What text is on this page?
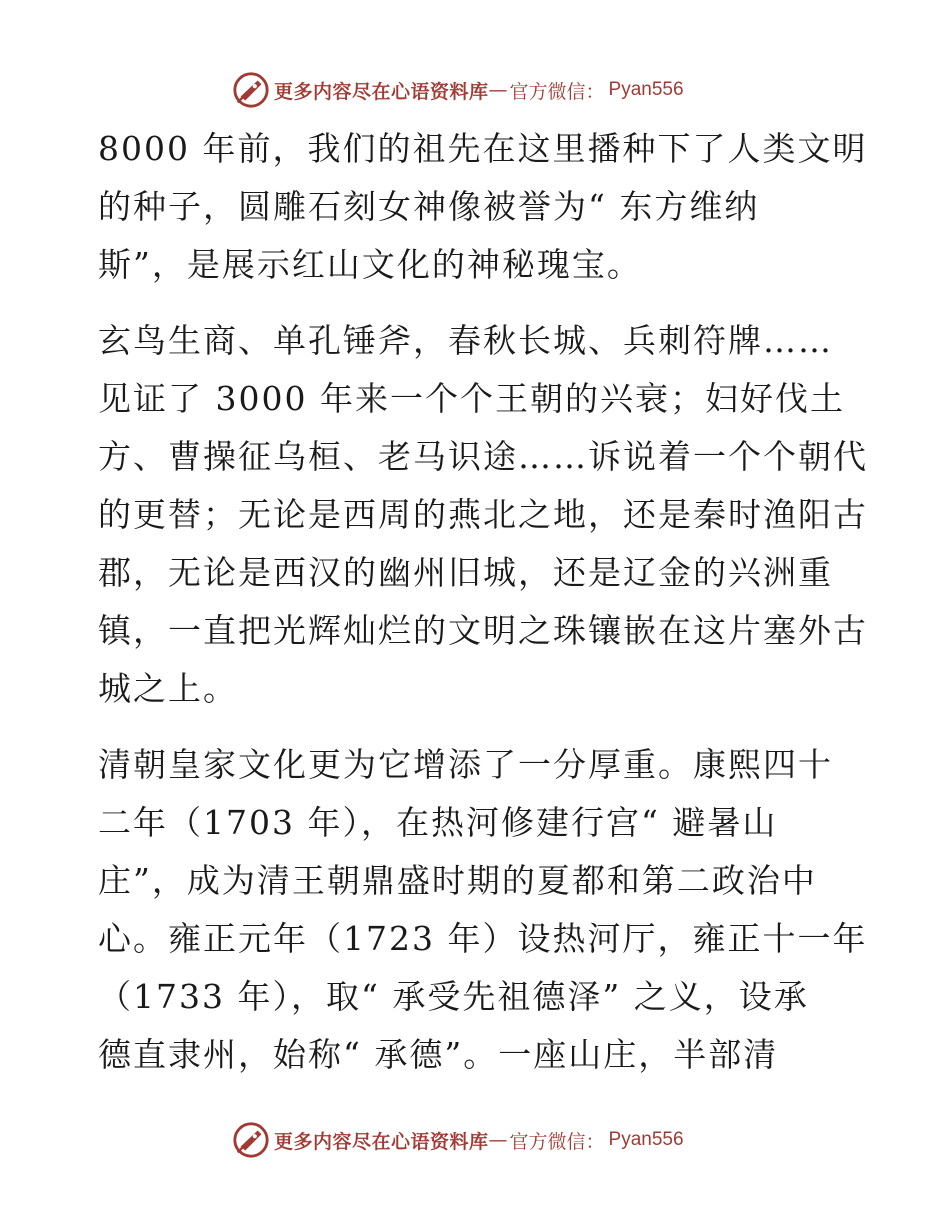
更多内容尽在心语资料库 — 官方微信： Pyan556
8000 年前，我们的祖先在这里播种下了人类文明
的种子，圆雕石刻女神像被誉为“ 东方维纳
斯”，是展示红山文化的神秘瑰宝。
玄鸟生商、单孔锤斧，春秋长城、兵刺符牌……
见证了 3000 年来一个个王朝的兴衰；妇好伐土
方、曹操征乌桓、老马识途……诉说着一个个朝代
的更替；无论是西周的燕北之地，还是秦时渔阳古
郡，无论是西汉的幽州旧城，还是辽金的兴洲重
镇，一直把光辉灿烂的文明之珠镶嵌在这片塞外古
城之上。
清朝皇家文化更为它增添了一分厚重。康熙四十
二年（1703 年），在热河修建行宫“ 避暑山
庄”，成为清王朝鼎盛时期的夏都和第二政治中
心。雍正元年（1723 年）设热河厅，雍正十一年
（1733 年），取“ 承受先祖德泽” 之义，设承
德直隶州，始称“ 承德”。一座山庄，半部清
更多内容尽在心语资料库 — 官方微信： Pyan556
